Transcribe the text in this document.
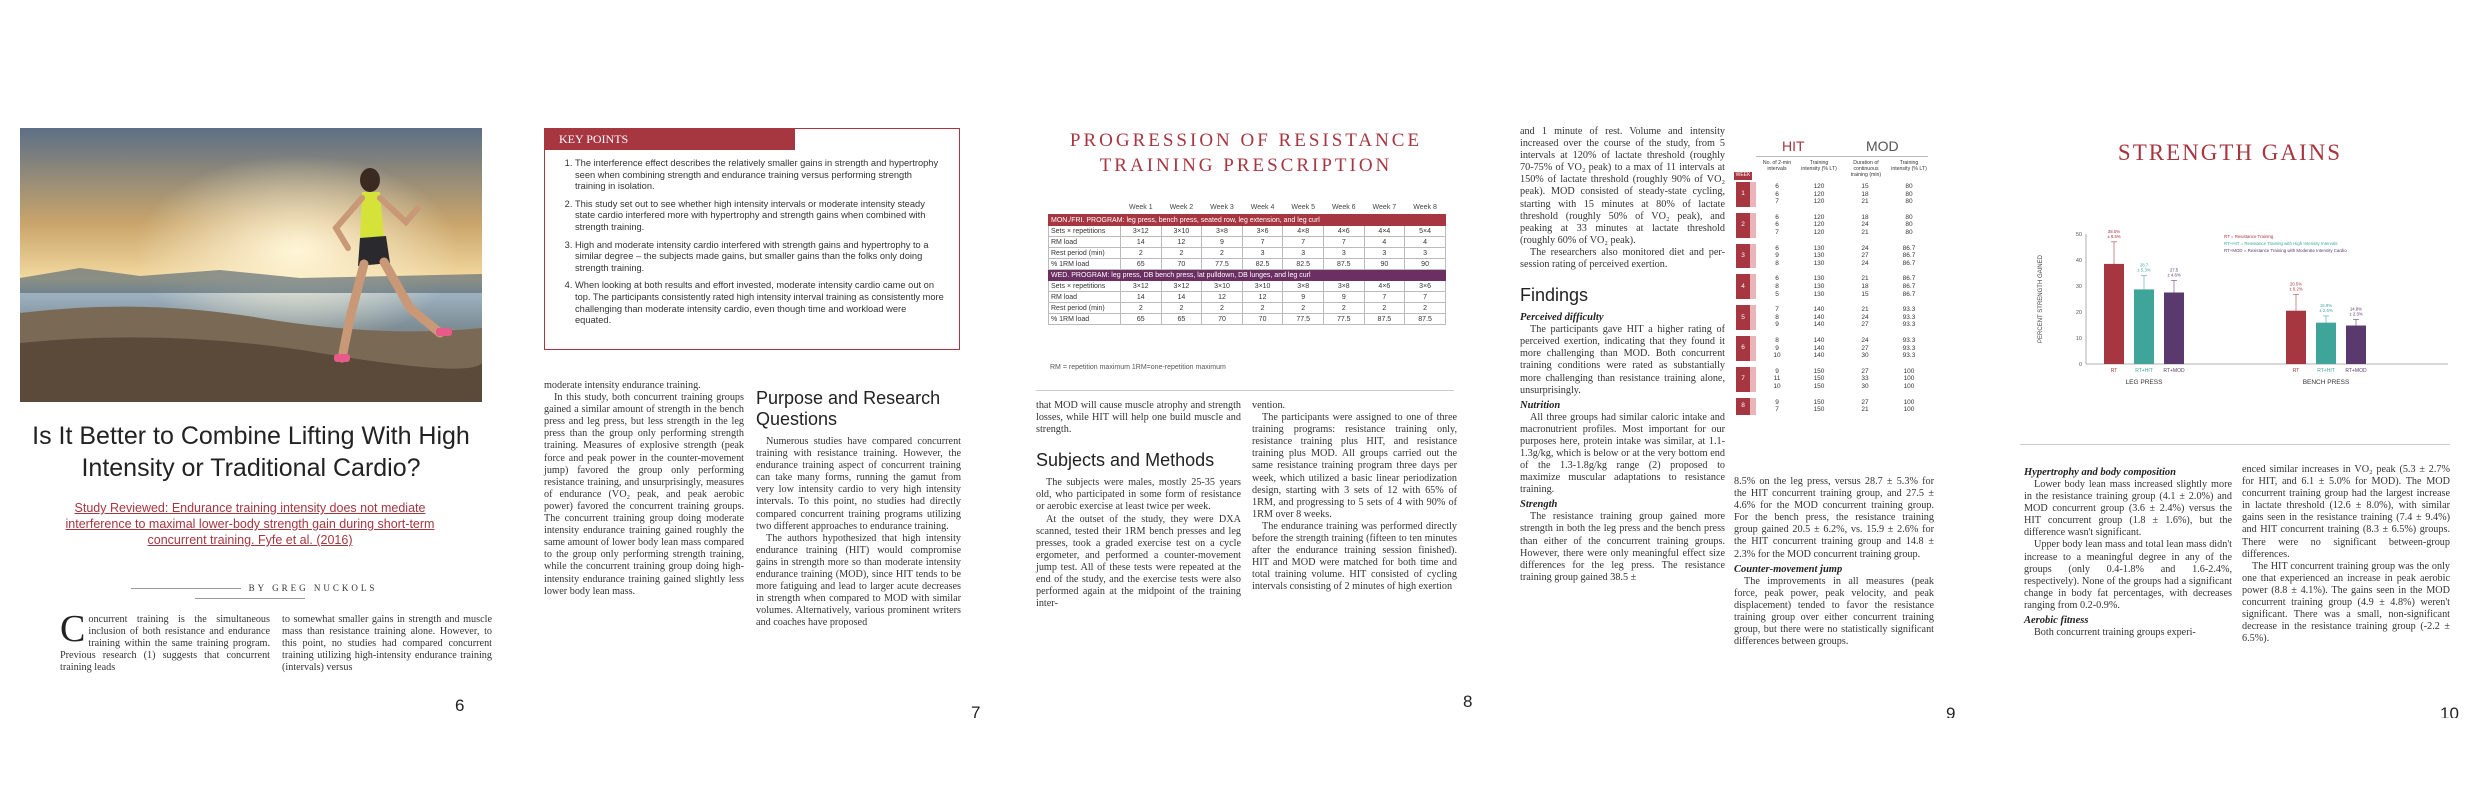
Is It Better to Combine Lifting With High Intensity or Traditional Cardio?
Study Reviewed: Endurance training intensity does not mediate interference to maximal lower-body strength gain during short-term concurrent training. Fyfe et al. (2016)
BY GREG NUCKOLS
Concurrent training is the simultaneous inclusion of both resistance and endurance training within the same training program. Previous research (1) suggests that concurrent training leads
to somewhat smaller gains in strength and muscle mass than resistance training alone. However, to this point, no studies had compared concurrent training utilizing high-intensity endurance training (intervals) versus
6
KEY POINTS
1. The interference effect describes the relatively smaller gains in strength and hypertrophy seen when combining strength and endurance training versus performing strength training in isolation.
2. This study set out to see whether high intensity intervals or moderate intensity steady state cardio interfered more with hypertrophy and strength gains when combined with strength training.
3. High and moderate intensity cardio interfered with strength gains and hypertrophy to a similar degree – the subjects made gains, but smaller gains than the folks only doing strength training.
4. When looking at both results and effort invested, moderate intensity cardio came out on top. The participants consistently rated high intensity interval training as consistently more challenging than moderate intensity cardio, even though time and workload were equated.
moderate intensity endurance training.

In this study, both concurrent training groups gained a similar amount of strength in the bench press and leg press, but less strength in the leg press than the group only performing strength training. Measures of explosive strength (peak force and peak power in the counter-movement jump) favored the group only performing resistance training, and unsurprisingly, measures of endurance (VO₂ peak, and peak aerobic power) favored the concurrent training groups. The concurrent training group doing moderate intensity endurance training gained roughly the same amount of lower body lean mass compared to the group only performing strength training, while the concurrent training group doing high-intensity endurance training gained slightly less lower body lean mass.

Purpose and Research Questions

Numerous studies have compared concurrent training with resistance training. However, the endurance training aspect of concurrent training can take many forms, running the gamut from very low intensity cardio to very high intensity intervals. To this point, no studies had directly compared concurrent training programs utilizing two different approaches to endurance training.

The authors hypothesized that high intensity endurance training (HIT) would compromise gains in strength more so than moderate intensity endurance training (MOD), since HIT tends to be more fatiguing and lead to larger acute decreases in strength when compared to MOD with similar volumes. Alternatively, various prominent writers and coaches have proposed

7
PROGRESSION OF RESISTANCE TRAINING PRESCRIPTION
	Week 1	Week 2	Week 3	Week 4	Week 5	Week 6	Week 7	Week 8
MON./FRI. PROGRAM: leg press, bench press, seated row, leg extension, and leg curl								
Sets × repetitions	3×12	3×10	3×8	3×6	4×8	4×6	4×4	5×4
RM load	14	12	9	7	7	7	4	4
Rest period (min)	2	2	2	3	3	3	3	3
% 1RM load	65	70	77.5	82.5	82.5	87.5	90	90
WED. PROGRAM: leg press, DB bench press, lat pulldown, DB lunges, and leg curl								
Sets × repetitions	3×12	3×12	3×10	3×10	3×8	3×8	4×6	3×6
RM load	14	14	12	12	9	9	7	7
Rest period (min)	2	2	2	2	2	2	2	2
% 1RM load	65	65	70	70	77.5	77.5	87.5	87.5
RM = repetition maximum 1RM=one-repetition maximum
that MOD will cause muscle atrophy and strength losses, while HIT will help one build muscle and strength.
Subjects and Methods

The subjects were males, mostly 25-35 years old, who participated in some form of resistance or aerobic exercise at least twice per week.

At the outset of the study, they were DXA scanned, tested their 1RM bench presses and leg presses, took a graded exercise test on a cycle ergometer, and performed a counter-movement jump test. All of these tests were repeated at the end of the study, and the exercise tests were also performed again at the midpoint of the training inter-

vention.

The participants were assigned to one of three training programs: resistance training only, resistance training plus HIT, and resistance training plus MOD. All groups carried out the same resistance training program three days per week, which utilized a basic linear periodization design, starting with 3 sets of 12 with 65% of 1RM, and progressing to 5 sets of 4 with 90% of 1RM over 8 weeks.

The endurance training was performed directly before the strength training (fifteen to ten minutes after the endurance training session finished). HIT and MOD were matched for both time and total training volume. HIT consisted of cycling intervals consisting of 2 minutes of high exertion

8
and 1 minute of rest. Volume and intensity increased over the course of the study, from 5 intervals at 120% of lactate threshold (roughly 70-75% of VO₂ peak) to a max of 11 intervals at 150% of lactate threshold (roughly 90% of VO₂ peak). MOD consisted of steady-state cycling, starting with 15 minutes at 80% of lactate threshold (roughly 50% of VO₂ peak), and peaking at 33 minutes at lactate threshold (roughly 60% of VO₂ peak).

The researchers also monitored diet and per-session rating of perceived exertion.

Findings
Perceived difficulty

The participants gave HIT a higher rating of perceived exertion, indicating that they found it more challenging than MOD. Both concurrent training conditions were rated as substantially more challenging than resistance training alone, unsurprisingly.

Nutrition

All three groups had similar caloric intake and macronutrient profiles. Most important for our purposes here, protein intake was similar, at 1.1-1.3g/kg, which is below or at the very bottom end of the 1.3-1.8g/kg range (2) proposed to maximize muscular adaptations to resistance training.

Strength

The resistance training group gained more strength in both the leg press and the bench press than either of the concurrent training groups. However, there were only meaningful effect size differences for the leg press. The resistance training group gained 38.5 ±

HIT	MOD
No. of 2-min intervals
Training intensity (% LT)
Duration of continuous training (min)
Training intensity (% LT)
WEEK
1
6	120	15	80
6	120	18	80
7	120	21	80
2
6	120	18	80
6	120	24	80
7	120	21	80
3
6	130	24	86.7
9	130	27	86.7
8	130	24	86.7
4
6	130	21	86.7
8	130	18	86.7
5	130	15	86.7
5
7	140	21	93.3
8	140	24	93.3
9	140	27	93.3
6
8	140	24	93.3
9	140	27	93.3
10	140	30	93.3
7
9	150	27	100
11	150	33	100
10	150	30	100
8
9	150	27	100
7	150	21	100
8.5% on the leg press, versus 28.7 ± 5.3% for the HIT concurrent training group, and 27.5 ± 4.6% for the MOD concurrent training group. For the bench press, the resistance training group gained 20.5 ± 6.2%, vs. 15.9 ± 2.6% for the HIT concurrent training group and 14.8 ± 2.3% for the MOD concurrent training group.
Counter-movement jump

The improvements in all measures (peak force, peak power, peak velocity, and peak displacement) tended to favor the resistance training group over either concurrent training group, but there were no statistically significant differences between groups.

9
STRENGTH GAINS
0
10
20
30
40
50
PERCENT STRENGTH GAINED
RT = Resistance Training
RT+HIT = Resistance Training with High Intensity Intervals
RT+MOD = Resistance Training with Moderate Intensity Cardio
38.5%
± 8.5%
RT
28.7
± 5.3%
RT+HIT
27.5
± 4.6%
RT+MOD
LEG PRESS
20.5%
± 6.2%
RT
15.9%
± 2.6%
RT+HIT
14.8%
± 2.3%
RT+MOD
BENCH PRESS
Hypertrophy and body composition

Lower body lean mass increased slightly more in the resistance training group (4.1 ± 2.0%) and MOD concurrent group (3.6 ± 2.4%) versus the HIT concurrent group (1.8 ± 1.6%), but the difference wasn't significant.

Upper body lean mass and total lean mass didn't increase to a meaningful degree in any of the groups (only 0.4-1.8% and 1.6-2.4%, respectively). None of the groups had a significant change in body fat percentages, with decreases ranging from 0.2-0.9%.

Aerobic fitness

Both concurrent training groups experi-

enced similar increases in VO₂ peak (5.3 ± 2.7% for HIT, and 6.1 ± 5.0% for MOD). The MOD concurrent training group had the largest increase in lactate threshold (12.6 ± 8.0%), with similar gains seen in the resistance training (7.4 ± 9.4%) and HIT concurrent training (8.3 ± 6.5%) groups. There were no significant between-group differences.

The HIT concurrent training group was the only one that experienced an increase in peak aerobic power (8.8 ± 4.1%). The gains seen in the MOD concurrent training group (4.9 ± 4.8%) weren't significant. There was a small, non-significant decrease in the resistance training group (-2.2 ± 6.5%).

10
